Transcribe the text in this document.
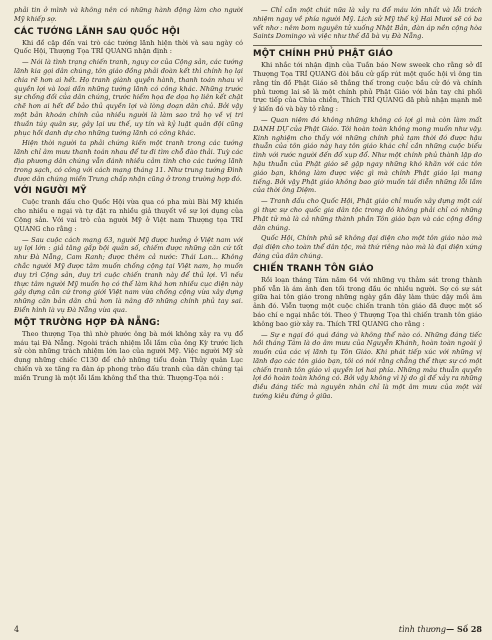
phải tin ở mình và không nên có những hành động làm cho người Mỹ khiếp sợ.

CÁC TƯỚNG LÃNH SAU QUỐC HỘI

Khi đề cập đến vai trò các tướng lãnh hiện thời và sau ngày có Quốc Hội, Thượng Tọa TRÍ QUANG nhận định :

— Nói là tình trạng chiến tranh, nguy cơ của Cộng sản, các tướng lãnh kia gọi dân chúng, tôn giáo đồng phải đoàn kết thì chính họ lại chia rẽ hơn ai hết. Họ tranh giành quyền hành, thanh toán nhau vì quyền lợi và loại dần những tướng lãnh có công khác. Những trước sự chống đối của dân chúng, trước hiểm họa đe dọa họ liên kết chặt chẽ hơn ai hết để bảo thủ quyền lợi và lòng doạn dân chủ. Bởi vậy một bản khoán chính của nhiều người là làm sao trả họ về vị trí thuần túy quân sự, gây lại ưu thế, uy tín và kỷ luật quân đội cũng phục hồi danh dự cho những tướng lãnh có công khác.

Hiện thời người ta phải chứng kiến một tranh trong các tướng lãnh chỉ âm mưu thanh toán nhau để tư đi tìm chỗ đào thải. Tuỳ các địa phương dân chúng vẫn đánh nhiều cảm tình cho các tướng lãnh trong sạch, có công với cách mạng tháng 11. Như trung tướng Đinh được dân chúng miền Trung chấp nhận cũng ở trong trường hợp đó.

VỚI NGƯỜI MỸ

Cuộc tranh đấu cho Quốc Hội vừa qua có pha mùi Bài Mỹ khiến cho nhiều e ngại và tự đặt ra nhiều giả thuyết về sự lợi dụng của Cộng sản. Với vai trò của người Mỹ ở Việt nam Thượng tọa TRÍ QUANG cho rằng :

— Sau cuộc cách mạng 63, người Mỹ được hưởng ở Việt nam với uy lợi lớn : giả tăng gấp bội quân số, chiếm được những căn cứ tốt như Đà Nẵng, Cam Ranh; được thêm cả nước: Thái Lan... Không chắc người Mỹ được tâm muốn chống cộng tại Việt nam, họ muốn duy trì Cộng sản, duy trì cuộc chiến tranh này để thủ lợi. Vì nếu thực tâm người Mỹ muốn họ có thể làm khá hơn nhiều cục diện này gây dựng căn cứ trong giới Việt nam vừa chống cộng vừa xây dựng những căn bản dân chủ hơn là nâng đỡ những chính phủ tay sai. Điển hình là vụ Đà Nẵng vừa qua.

MỘT TRƯỜNG HỢP ĐÀ NẴNG:

Theo thượng Tọa thì nhờ phước ông bà mới không xảy ra vụ đổ máu tại Đà Nẵng. Ngoài trách nhiệm lỗi lầm của ông Kỳ trước lịch sử còn những trách nhiệm lớn lao của người Mỹ. Việc người Mỹ sử dụng những chiếc C130 để chở những tiểu đoàn Thủy quân Lục chiến và xe tăng ra đàn áp phong trào đấu tranh của dân chúng tại miền Trung là một lỗi lầm không thể tha thứ. Thượng-Tọa nói :

— Chỉ cần một chút nữa là xảy ra đổ máu lớn nhất và lỗi trách nhiệm ngay về phía người Mỹ. Lịch sử Mỹ thế kỷ Hai Mươi sẽ có ba vết nhơ : nêm bom nguyên tử xuống Nhật Bản, đàn áp nền cộng hòa Saints Domingo và việc như thế đã bà vụ Đà Nẵng.

MỘT CHÍNH PHỦ PHẬT GIÁO

Khi nhắc tới nhận định của Tuần báo New sweek cho rằng sở dĩ Thượng Tọa TRÍ QUANG đòi bầu cử gấp rút một quốc hội vì ông tin rằng tín đồ Phật Giáo sẽ thắng thế trong cuộc bầu cử đó và chính phủ tương lai sẽ là một chính phủ Phật Giáo với bản tay chi phối trực tiếp của Chùa chiền, Thích TRÍ QUANG đã phủ nhận mạnh mẽ ý kiến đó và bày tỏ rằng :

— Quan niệm đó không những không có lợi gì mà còn làm mất DANH DỰ của Phật Giáo. Tôi hoàn toàn không mong muốn như vậy. Kinh nghiệm cho thấy với những chính phủ tạm thời đó được hậu thuẫn của tôn giáo này hay tôn giáo khác chỉ cần những cuộc biểu tình với rước người đến đổ xụp đổ. Như một chính phủ thành lập do hậu thuẫn của Phật giáo sẽ gặp ngay những khó khăn với các tôn giáo bạn, không làm được việc gì mà chính Phật giáo lại mang tiếng. Bởi vậy Phật giáo không bao giờ muốn tái diễn những lỗi lầm của thời ông Diệm.

— Tranh đấu cho Quốc Hội, Phật giáo chỉ muốn xây dựng một cái gì thực sự cho quốc gia dân tộc trong đó không phải chỉ có những Phật tử mà là cả những thành phần Tôn giáo bạn và các cộng đồng dân chúng.

Quốc Hội, Chính phủ sẽ không đại diện cho một tôn giáo nào mà đại diện cho toàn thể dân tộc, mà thứ riêng nào mà là đại diện xứng đáng của dân chúng.

CHIẾN TRANH TÔN GIÁO

Rồi loạn tháng Tám năm 64 với những vụ thảm sát trong thành phố vẫn là ám ảnh đen tối trong đầu óc nhiều người. Sợ có sự sát giữa hai tôn giáo trong những ngày gần đây làm thức dậy mối âm ảnh đó. Viễn tượng một cuộc chiến tranh tôn giáo đã được một số báo chí e ngại nhắc tới. Theo ý Thượng Tọa thì chiến tranh tôn giáo không bao giờ xảy ra. Thích TRÍ QUANG cho rằng :

— Sự e ngại đó quá đáng và không thể nào có. Những đáng tiếc hồi tháng Tám là do âm mưu của Nguyễn Khánh, hoàn toàn ngoài ý muốn của các vị lãnh tụ Tôn Giáo. Khi phát tiếp xúc với những vị lãnh đạo các tôn giáo bạn, tôi có nói rằng chẳng thể thực sự có một chiến tranh tôn giáo vì quyền lợi hai phía. Những mâu thuẫn quyền lợi đó hoàn toàn không có. Bởi vậy không vì lý do gì để xảy ra những điều đáng tiếc mà nguyên nhân chỉ là một âm mưu của một vài tướng kiêu đứng ở giữa.

4	tình thương — Số 28
